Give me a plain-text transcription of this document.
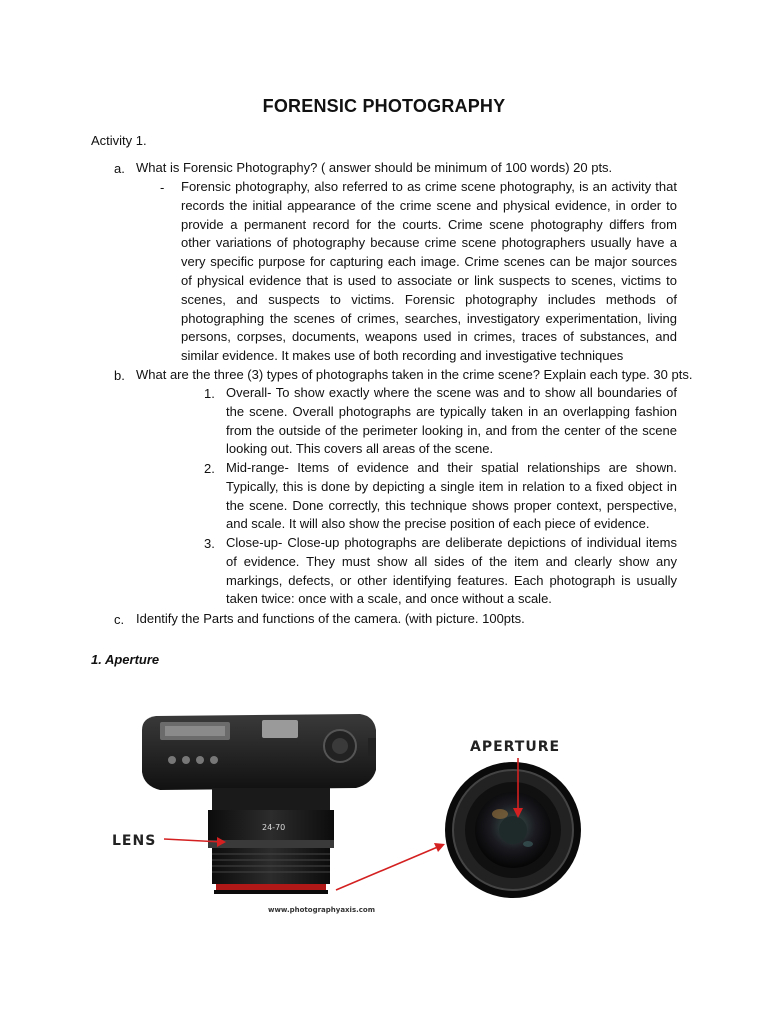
FORENSIC PHOTOGRAPHY
Activity 1.
a. What is Forensic Photography? ( answer should be minimum of 100 words) 20 pts.
- Forensic photography, also referred to as crime scene photography, is an activity that records the initial appearance of the crime scene and physical evidence, in order to provide a permanent record for the courts. Crime scene photography differs from other variations of photography because crime scene photographers usually have a very specific purpose for capturing each image. Crime scenes can be major sources of physical evidence that is used to associate or link suspects to scenes, victims to scenes, and suspects to victims. Forensic photography includes methods of photographing the scenes of crimes, searches, investigatory experimentation, living persons, corpses, documents, weapons used in crimes, traces of substances, and similar evidence. It makes use of both recording and investigative techniques
b. What are the three (3) types of photographs taken in the crime scene? Explain each type. 30 pts.
1. Overall- To show exactly where the scene was and to show all boundaries of the scene. Overall photographs are typically taken in an overlapping fashion from the outside of the perimeter looking in, and from the center of the scene looking out. This covers all areas of the scene.
2. Mid-range- Items of evidence and their spatial relationships are shown. Typically, this is done by depicting a single item in relation to a fixed object in the scene. Done correctly, this technique shows proper context, perspective, and scale. It will also show the precise position of each piece of evidence.
3. Close-up- Close-up photographs are deliberate depictions of individual items of evidence. They must show all sides of the item and clearly show any markings, defects, or other identifying features. Each photograph is usually taken twice: once with a scale, and once without a scale.
c. Identify the Parts and functions of the camera. (with picture. 100pts.
1. Aperture
24-70
APERTURE
LENS
www.photographyaxis.com
